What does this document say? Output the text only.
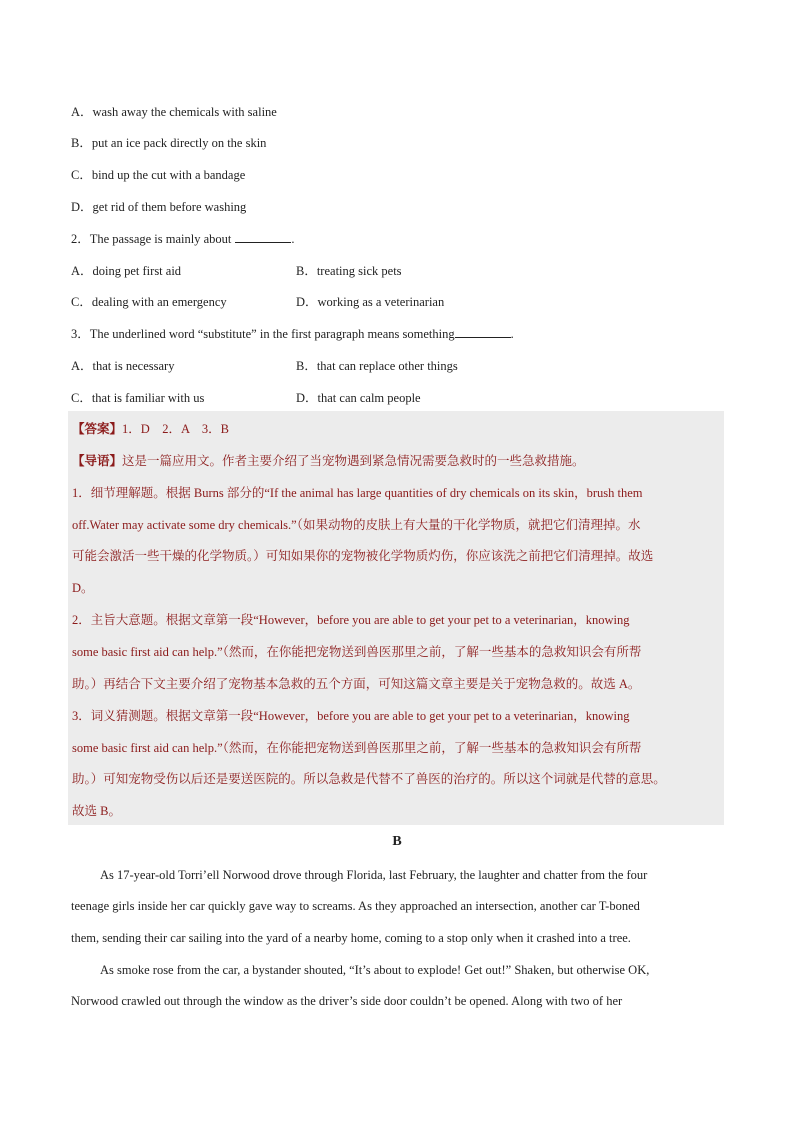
A．wash away the chemicals with saline
B．put an ice pack directly on the skin
C．bind up the cut with a bandage
D．get rid of them before washing
2．The passage is mainly about	.
A．doing pet first aid	B．treating sick pets
C．dealing with an emergency	D．working as a veterinarian
3．The underlined word “substitute” in the first paragraph means something	.
A．that is necessary	B．that can replace other things
C．that is familiar with us	D．that can calm people
【答案】1．D　2．A　3．B
【导语】这是一篇应用文。作者主要介绍了当宠物遇到紧急情况需要急救时的一些急救措施。
1．细节理解题。根据 Burns 部分的“If the animal has large quantities of dry chemicals on its skin，brush them
off.Water may activate some dry chemicals.”（如果动物的皮肤上有大量的干化学物质，就把它们清理掉。水
可能会激活一些干燥的化学物质。）可知如果你的宠物被化学物质灼伤，你应该洗之前把它们清理掉。故选
D。
2．主旨大意题。根据文章第一段“However，before you are able to get your pet to a veterinarian，knowing
some basic first aid can help.”（然而，在你能把宠物送到兽医那里之前，了解一些基本的急救知识会有所帮
助。）再结合下文主要介绍了宠物基本急救的五个方面，可知这篇文章主要是关于宠物急救的。故选 A。
3．词义猜测题。根据文章第一段“However，before you are able to get your pet to a veterinarian，knowing
some basic first aid can help.”（然而，在你能把宠物送到兽医那里之前，了解一些基本的急救知识会有所帮
助。）可知宠物受伤以后还是要送医院的。所以急救是代替不了兽医的治疗的。所以这个词就是代替的意思。
故选 B。
B
As 17-year-old Torri’ell Norwood drove through Florida, last February, the laughter and chatter from the four
teenage girls inside her car quickly gave way to screams. As they approached an intersection, another car T-boned
them, sending their car sailing into the yard of a nearby home, coming to a stop only when it crashed into a tree.
As smoke rose from the car, a bystander shouted, “It’s about to explode! Get out!” Shaken, but otherwise OK,
Norwood crawled out through the window as the driver’s side door couldn’t be opened. Along with two of her
